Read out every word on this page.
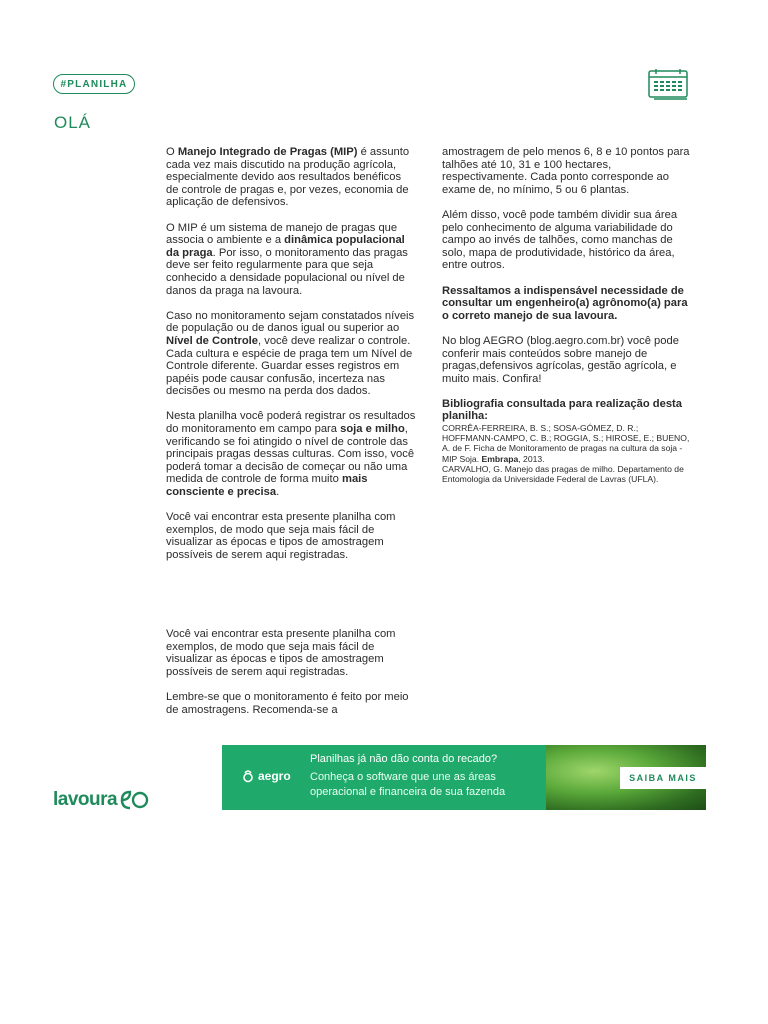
#PLANILHA
OLÁ

O Manejo Integrado de Pragas (MIP) é assunto cada vez mais discutido na produção agrícola, especialmente devido aos resultados benéficos de controle de pragas e, por vezes, economia de aplicação de defensivos.

O MIP é um sistema de manejo de pragas que associa o ambiente e a dinâmica populacional da praga. Por isso, o monitoramento das pragas deve ser feito regularmente para que seja conhecido a densidade populacional ou nível de danos da praga na lavoura.

Caso no monitoramento sejam constatados níveis de população ou de danos igual ou superior ao Nível de Controle, você deve realizar o controle. Cada cultura e espécie de praga tem um Nível de Controle diferente. Guardar esses registros em papéis pode causar confusão, incerteza nas decisões ou mesmo na perda dos dados.

Nesta planilha você poderá registrar os resultados do monitoramento em campo para soja e milho, verificando se foi atingido o nível de controle das principais pragas dessas culturas. Com isso, você poderá tomar a decisão de começar ou não uma medida de controle de forma muito mais consciente e precisa.

Você vai encontrar esta presente planilha com exemplos, de modo que seja mais fácil de visualizar as épocas e tipos de amostragem possíveis de serem aqui registradas.

Você vai encontrar esta presente planilha com exemplos, de modo que seja mais fácil de visualizar as épocas e tipos de amostragem possíveis de serem aqui registradas.

Lembre-se que o monitoramento é feito por meio de amostragens. Recomenda-se a

amostragem de pelo menos 6, 8 e 10 pontos para talhões até 10, 31 e 100 hectares, respectivamente. Cada ponto corresponde ao exame de, no mínimo, 5 ou 6 plantas.

Além disso, você pode também dividir sua área pelo conhecimento de alguma variabilidade do campo ao invés de talhões, como manchas de solo, mapa de produtividade, histórico da área, entre outros.

Ressaltamos a indispensável necessidade de consultar um engenheiro(a) agrônomo(a) para o correto manejo de sua lavoura.

No blog AEGRO (blog.aegro.com.br) você pode conferir mais conteúdos sobre manejo de pragas,defensivos agrícolas, gestão agrícola, e muito mais. Confira!

Bibliografia consultada para realização desta planilha:
CORRÊA-FERREIRA, B. S.; SOSA-GÓMEZ, D. R.; HOFFMANN-CAMPO, C. B.; ROGGIA, S.; HIROSE, E.; BUENO, A. de F. Ficha de Monitoramento de pragas na cultura da soja - MIP Soja. Embrapa, 2013.
CARVALHO, G. Manejo das pragas de milho. Departamento de Entomologia da Universidade Federal de Lavras (UFLA).
aegro
Planilhas já não dão conta do recado?
Conheça o software que une as áreas operacional e financeira de sua fazenda
SAIBA MAIS
lavoura
